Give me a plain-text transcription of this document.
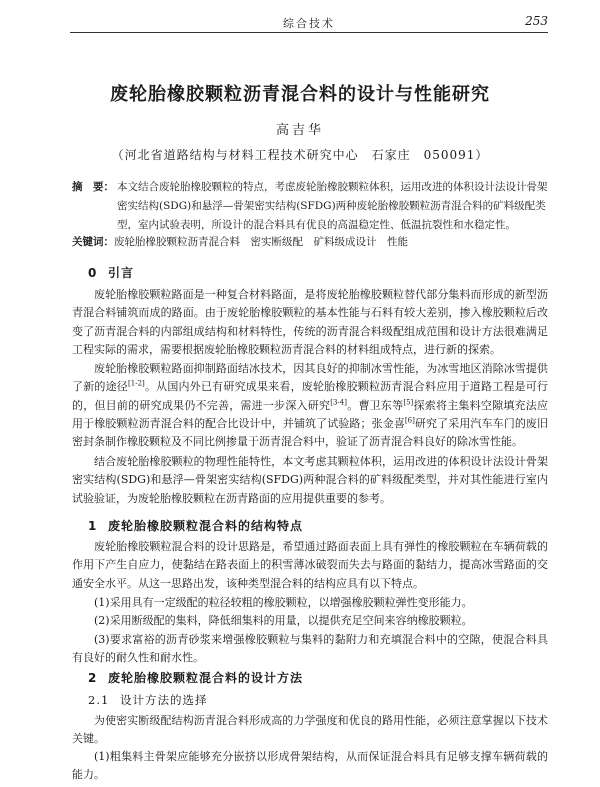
综合技术	253
废轮胎橡胶颗粒沥青混合料的设计与性能研究
高吉华
（河北省道路结构与材料工程技术研究中心　石家庄　050091）
摘　要： 本文结合废轮胎橡胶颗粒的特点，考虑废轮胎橡胶颗粒体积，运用改进的体积设计法设计骨架密实结构(SDG)和悬浮—骨架密实结构(SFDG)两种废轮胎橡胶颗粒沥青混合料的矿料级配类型，室内试验表明，所设计的混合料具有优良的高温稳定性、低温抗裂性和水稳定性。
关键词：废轮胎橡胶颗粒沥青混合料　密实断级配　矿料级成设计　性能
0 引言
废轮胎橡胶颗粒路面是一种复合材料路面，是将废轮胎橡胶颗粒替代部分集料而形成的新型沥青混合料铺筑而成的路面。由于废轮胎橡胶颗粒的基本性能与石料有较大差别，掺入橡胶颗粒后改变了沥青混合料的内部组成结构和材料特性，传统的沥青混合料级配组成范围和设计方法很难满足工程实际的需求，需要根据废轮胎橡胶颗粒沥青混合料的材料组成特点，进行新的探索。
废轮胎橡胶颗粒路面抑制路面结冰技术，因其良好的抑制冰雪性能，为冰雪地区消除冰雪提供了新的途径[1-2]。从国内外已有研究成果来看，废轮胎橡胶颗粒沥青混合料应用于道路工程是可行的，但目前的研究成果仍不完善，需进一步深入研究[3-4]。曹卫东等[5]探索将主集料空隙填充法应用于橡胶颗粒沥青混合料的配合比设计中，并铺筑了试验路；张金喜[6]研究了采用汽车车门的废旧密封条制作橡胶颗粒及不同比例掺量于沥青混合料中，验证了沥青混合料良好的除冰雪性能。
结合废轮胎橡胶颗粒的物理性能特性，本文考虑其颗粒体积，运用改进的体积设计法设计骨架密实结构(SDG)和悬浮—骨架密实结构(SFDG)两种混合料的矿料级配类型，并对其性能进行室内试验验证，为废轮胎橡胶颗粒在沥青路面的应用提供重要的参考。
1 废轮胎橡胶颗粒混合料的结构特点
废轮胎橡胶颗粒混合料的设计思路是，希望通过路面表面上具有弹性的橡胶颗粒在车辆荷载的作用下产生自应力，使黏结在路表面上的积雪薄冰破裂而失去与路面的黏结力，提高冰雪路面的交通安全水平。从这一思路出发，该种类型混合料的结构应具有以下特点。
(1)采用具有一定级配的粒径较粗的橡胶颗粒，以增强橡胶颗粒弹性变形能力。
(2)采用断级配的集料，降低细集料的用量，以提供充足空间来容纳橡胶颗粒。
(3)要求富裕的沥青砂浆来增强橡胶颗粒与集料的黏附力和充填混合料中的空隙，使混合料具有良好的耐久性和耐水性。
2 废轮胎橡胶颗粒混合料的设计方法
2.1 设计方法的选择
为使密实断级配结构沥青混合料形成高的力学强度和优良的路用性能，必须注意掌握以下技术关键。
(1)粗集料主骨架应能够充分嵌挤以形成骨架结构，从而保证混合料具有足够支撑车辆荷载的能力。
